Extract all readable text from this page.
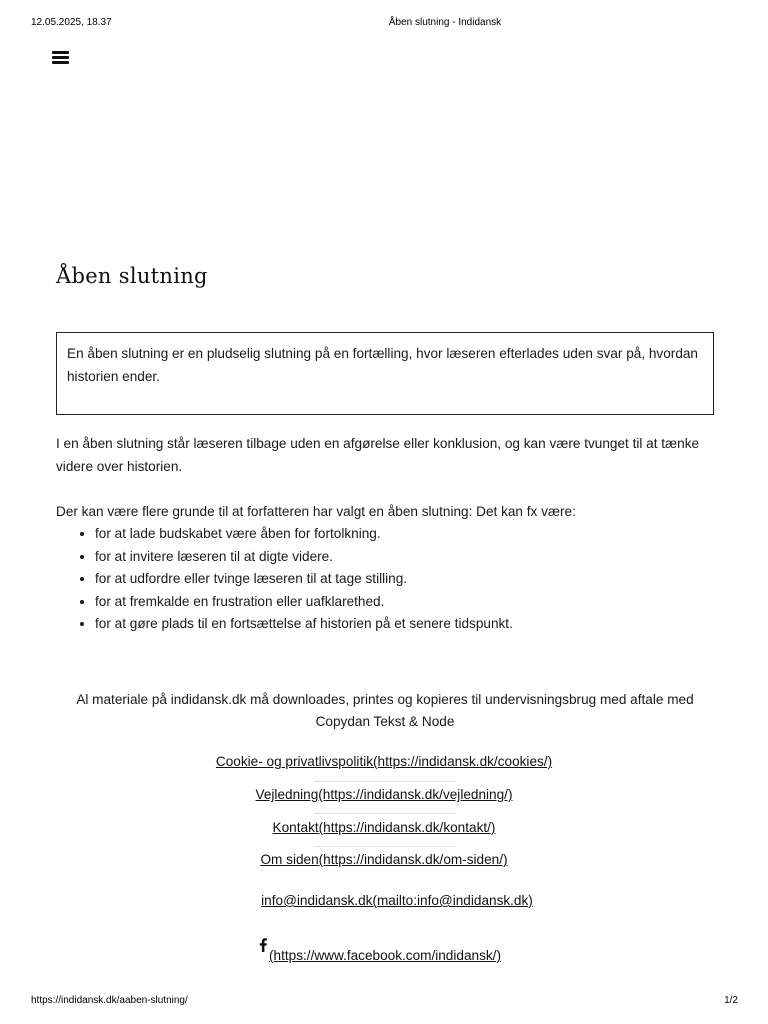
12.05.2025, 18.37	Åben slutning - Indidansk
Åben slutning
En åben slutning er en pludselig slutning på en fortælling, hvor læseren efterlades uden svar på, hvordan historien ender.

I en åben slutning står læseren tilbage uden en afgørelse eller konklusion, og kan være tvunget til at tænke videre over historien.

Der kan være flere grunde til at forfatteren har valgt en åben slutning: Det kan fx være:

• for at lade budskabet være åben for fortolkning.
• for at invitere læseren til at digte videre.
• for at udfordre eller tvinge læseren til at tage stilling.
• for at fremkalde en frustration eller uafklarethed.
• for at gøre plads til en fortsættelse af historien på et senere tidspunkt.
Al materiale på indidansk.dk må downloades, printes og kopieres til undervisningsbrug med aftale med Copydan Tekst & Node
Cookie- og privatlivspolitik(https://indidansk.dk/cookies/)
Vejledning(https://indidansk.dk/vejledning/)
Kontakt(https://indidansk.dk/kontakt/)
Om siden(https://indidansk.dk/om-siden/)
info@indidansk.dk(mailto:info@indidansk.dk)
(https://www.facebook.com/indidansk/)
https://indidansk.dk/aaben-slutning/	1/2
